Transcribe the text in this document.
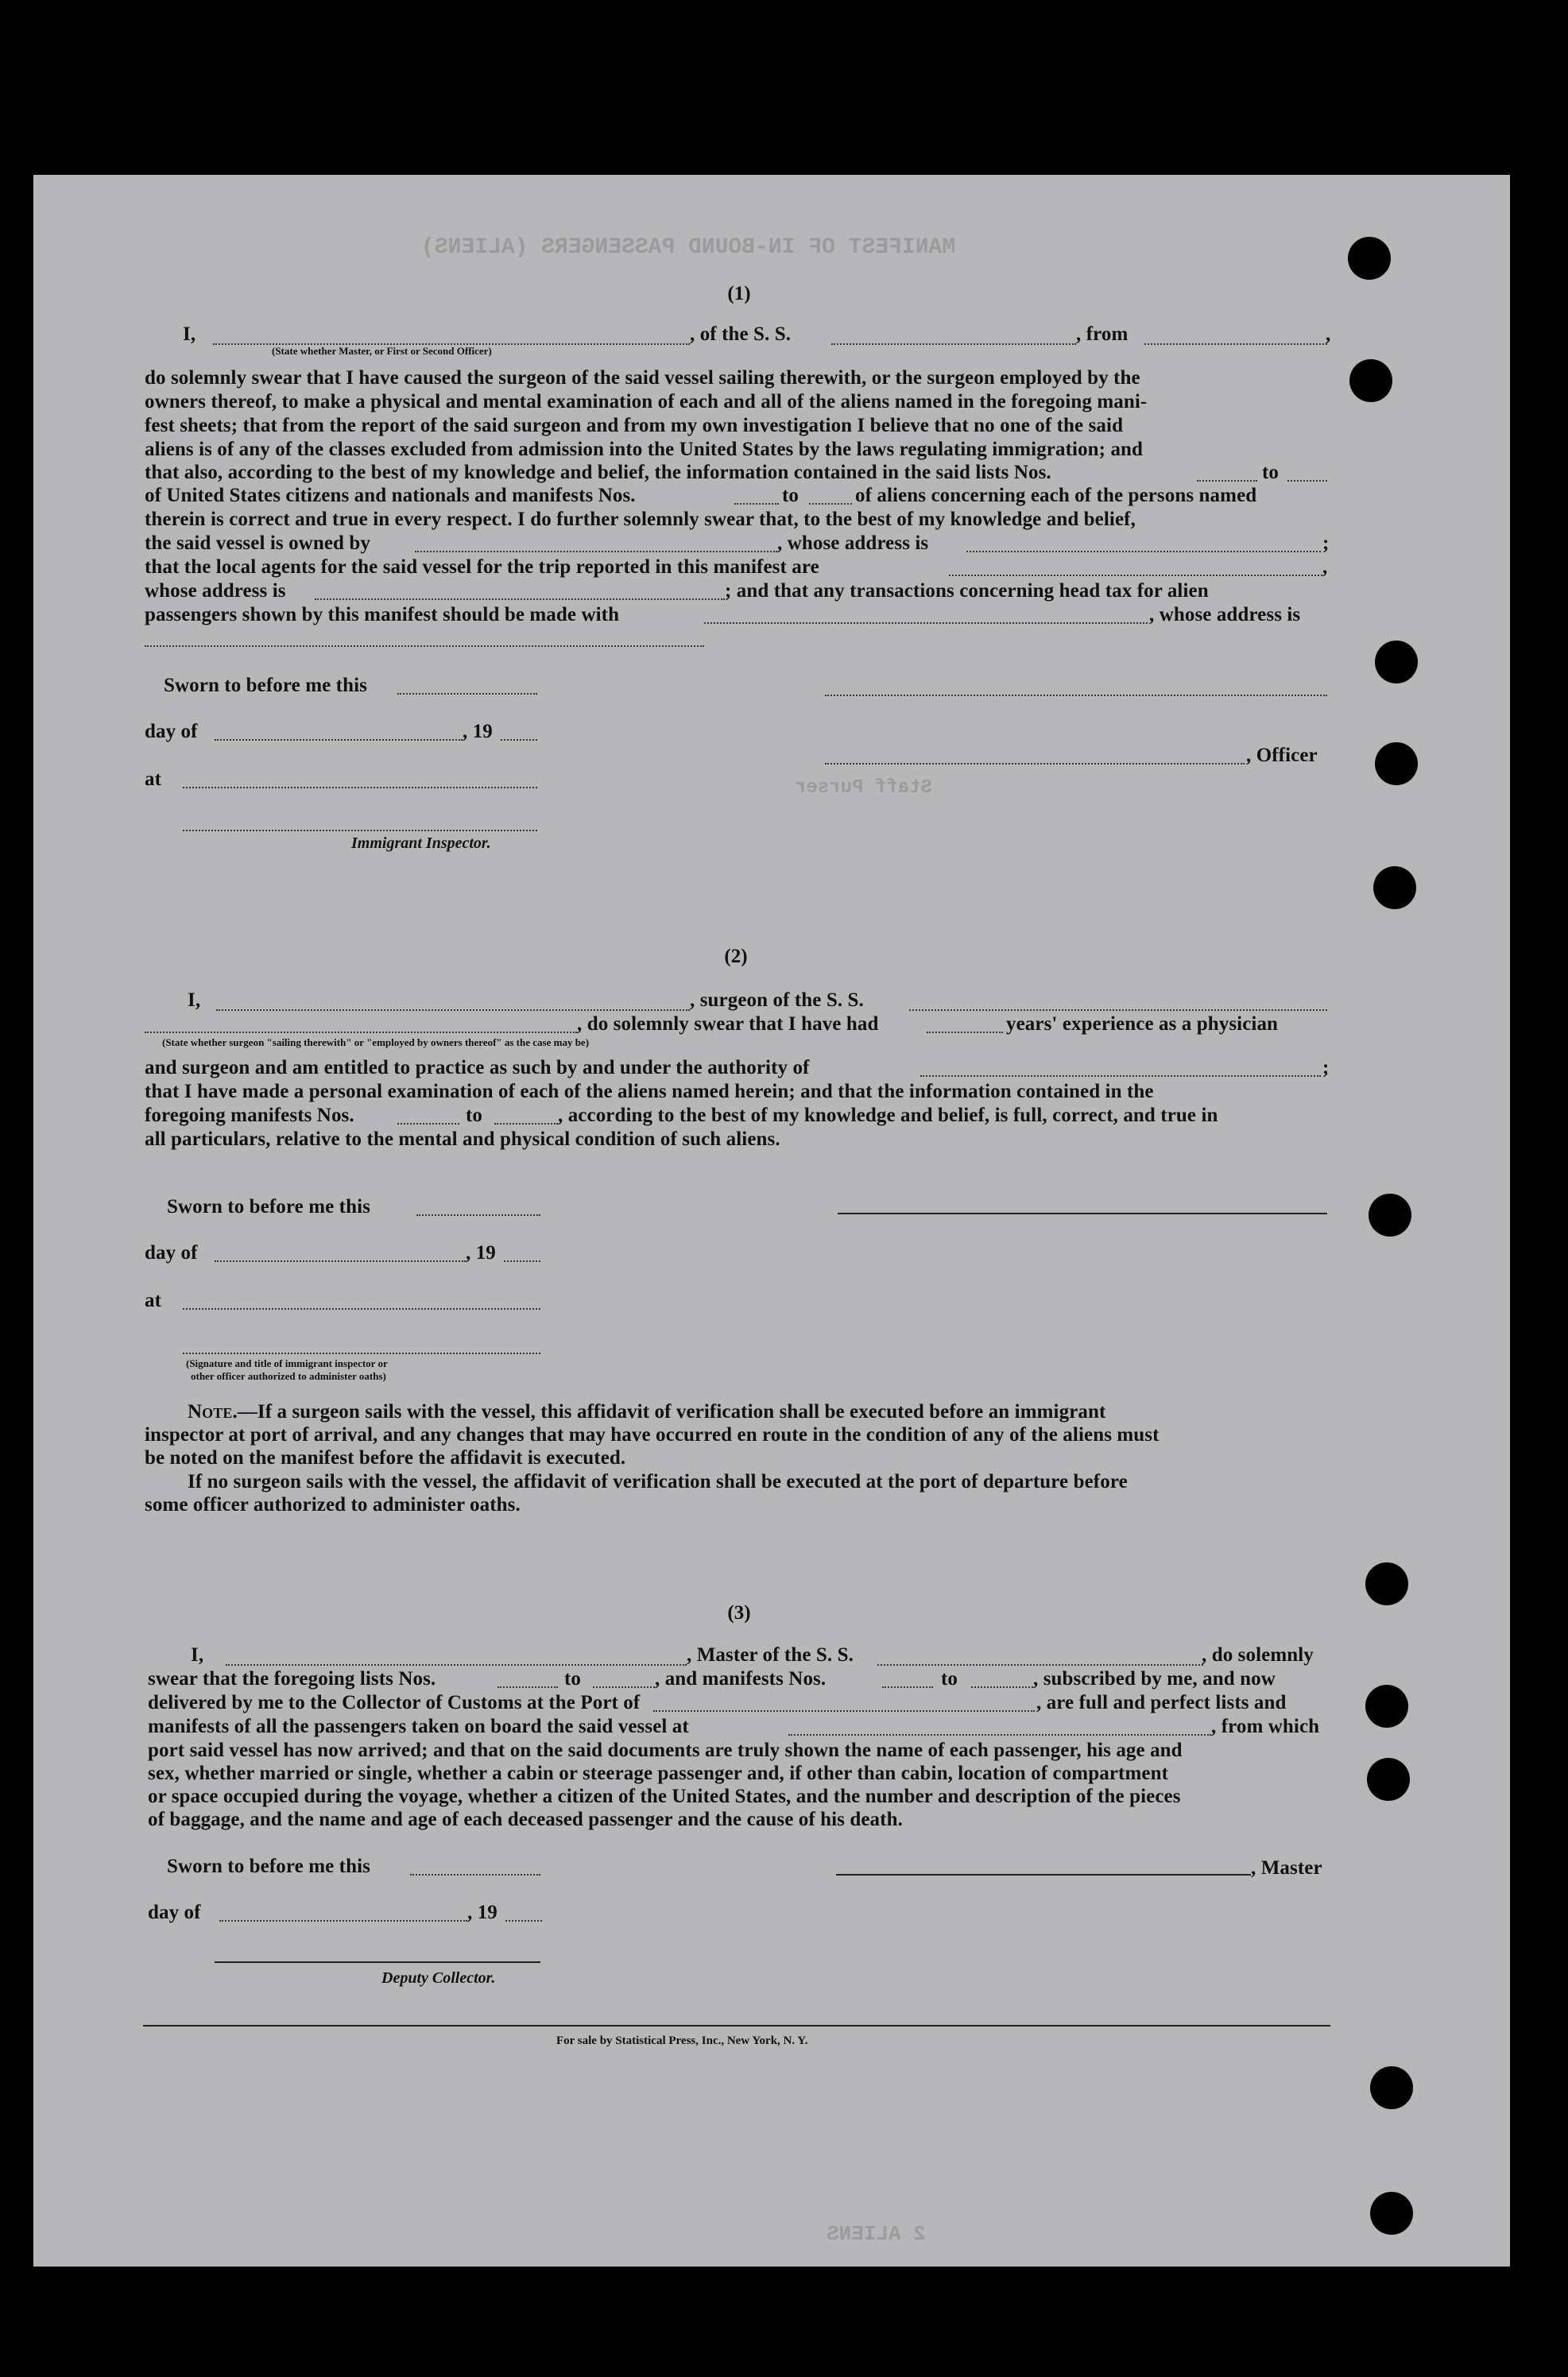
MANIFEST OF IN-BOUND PASSENGERS (ALIENS)
Staff Purser
2 ALIENS
(1)
I,	, of the S. S.	, from	,
(State whether Master, or First or Second Officer)
do solemnly swear that I have caused the surgeon of the said vessel sailing therewith, or the surgeon employed by the
owners thereof, to make a physical and mental examination of each and all of the aliens named in the foregoing mani-
fest sheets; that from the report of the said surgeon and from my own investigation I believe that no one of the said
aliens is of any of the classes excluded from admission into the United States by the laws regulating immigration; and
that also, according to the best of my knowledge and belief, the information contained in the said lists Nos.	to
of United States citizens and nationals and manifests Nos.	to	of aliens concerning each of the persons named
therein is correct and true in every respect. I do further solemnly swear that, to the best of my knowledge and belief,
the said vessel is owned by	, whose address is	;
that the local agents for the said vessel for the trip reported in this manifest are	,
whose address is	; and that any transactions concerning head tax for alien
passengers shown by this manifest should be made with	, whose address is
Sworn to before me this
day of	, 19
, Officer
at
Immigrant Inspector.
(2)
I,	, surgeon of the S. S.
, do solemnly swear that I have had	years' experience as a physician
(State whether surgeon "sailing therewith" or "employed by owners thereof" as the case may be)
and surgeon and am entitled to practice as such by and under the authority of	;
that I have made a personal examination of each of the aliens named herein; and that the information contained in the
foregoing manifests Nos.	to	, according to the best of my knowledge and belief, is full, correct, and true in
all particulars, relative to the mental and physical condition of such aliens.
Sworn to before me this
day of	, 19
at
(Signature and title of immigrant inspector or
other officer authorized to administer oaths)
Note.—If a surgeon sails with the vessel, this affidavit of verification shall be executed before an immigrant
inspector at port of arrival, and any changes that may have occurred en route in the condition of any of the aliens must
be noted on the manifest before the affidavit is executed.
If no surgeon sails with the vessel, the affidavit of verification shall be executed at the port of departure before
some officer authorized to administer oaths.
(3)
I,	, Master of the S. S.	, do solemnly
swear that the foregoing lists Nos.	to	, and manifests Nos.	to	, subscribed by me, and now
delivered by me to the Collector of Customs at the Port of	, are full and perfect lists and
manifests of all the passengers taken on board the said vessel at	, from which
port said vessel has now arrived; and that on the said documents are truly shown the name of each passenger, his age and
sex, whether married or single, whether a cabin or steerage passenger and, if other than cabin, location of compartment
or space occupied during the voyage, whether a citizen of the United States, and the number and description of the pieces
of baggage, and the name and age of each deceased passenger and the cause of his death.
Sworn to before me this	, Master
day of	, 19
Deputy Collector.
For sale by Statistical Press, Inc., New York, N. Y.
